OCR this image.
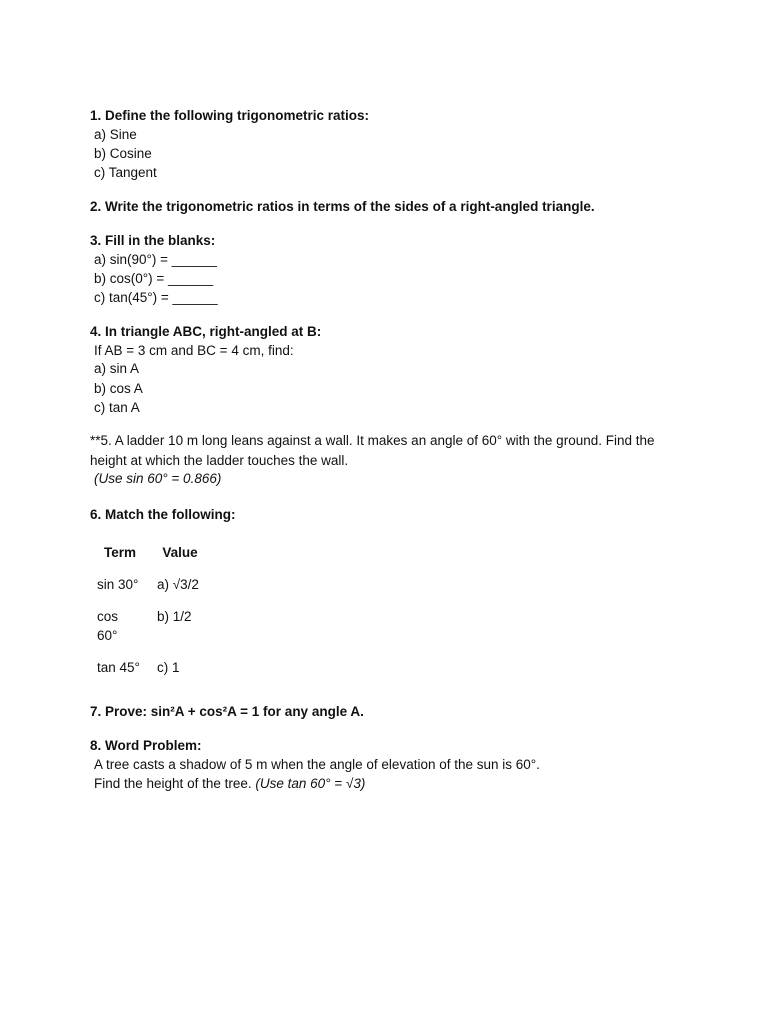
1. Define the following trigonometric ratios:
a) Sine
b) Cosine
c) Tangent
2. Write the trigonometric ratios in terms of the sides of a right-angled triangle.
3. Fill in the blanks:
a) sin(90°) = ______
b) cos(0°) = ______
c) tan(45°) = ______
4. In triangle ABC, right-angled at B:
If AB = 3 cm and BC = 4 cm, find:
a) sin A
b) cos A
c) tan A
**5. A ladder 10 m long leans against a wall. It makes an angle of 60° with the ground. Find the
height at which the ladder touches the wall.
(Use sin 60° = 0.866)
6. Match the following:
Term	Value
sin 30°	a) √3/2
cos 60°	b) 1/2
tan 45°	c) 1
7. Prove: sin²A + cos²A = 1 for any angle A.
8. Word Problem:
A tree casts a shadow of 5 m when the angle of elevation of the sun is 60°.
Find the height of the tree. (Use tan 60° = √3)
